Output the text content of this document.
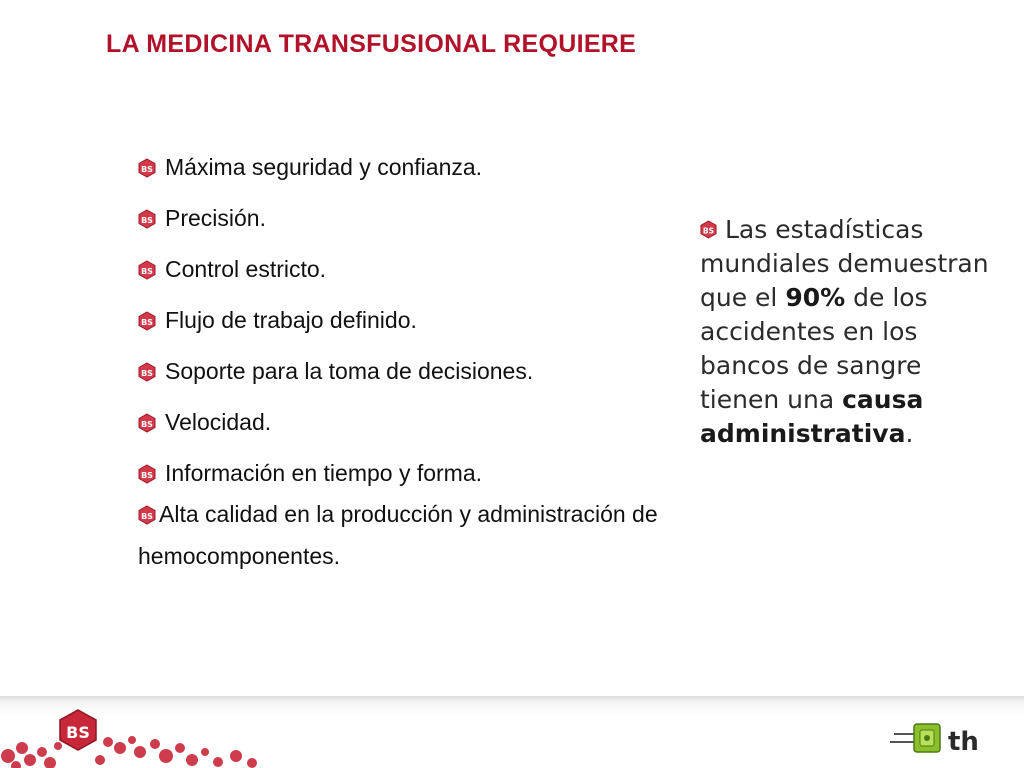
LA MEDICINA TRANSFUSIONAL REQUIERE
BS Máxima seguridad y confianza.
BS Precisión.
BS Control estricto.
BS Flujo de trabajo definido.
BS Soporte para la toma de decisiones.
BS Velocidad.
BS Información en tiempo y forma.
BS Alta calidad en la producción y administración de hemocomponentes.
BS Las estadísticas mundiales demuestran que el 90% de los accidentes en los bancos de sangre tienen una causa administrativa.
BS	th
